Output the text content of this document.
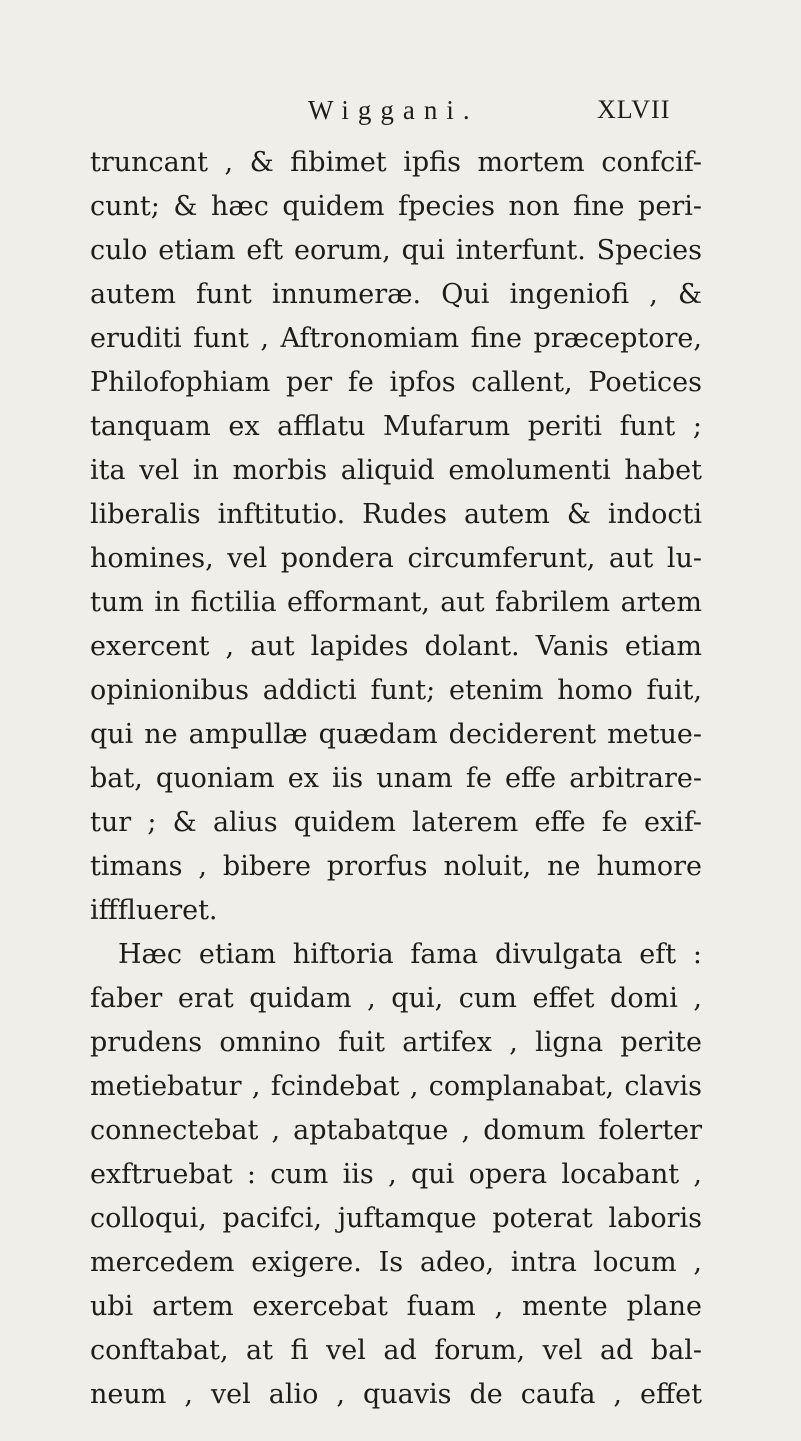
Wiggani.	XLVII
truncant , & fibimet ipfis mortem confcif-
cunt; & hæc quidem fpecies non fine peri-
culo etiam eft eorum, qui interfunt. Species
autem funt innumeræ. Qui ingeniofi , &
eruditi funt , Aftronomiam fine præceptore,
Philofophiam per fe ipfos callent, Poetices
tanquam ex afflatu Mufarum periti funt ;
ita vel in morbis aliquid emolumenti habet
liberalis inftitutio. Rudes autem & indocti
homines, vel pondera circumferunt, aut lu-
tum in fictilia efformant, aut fabrilem artem
exercent , aut lapides dolant. Vanis etiam
opinionibus addicti funt; etenim homo fuit,
qui ne ampullæ quædam deciderent metue-
bat, quoniam ex iis unam fe effe arbitrare-
tur ; & alius quidem laterem effe fe exif-
timans , bibere prorfus noluit, ne humore
iffflueret.
Hæc etiam hiftoria fama divulgata eft :
faber erat quidam , qui, cum effet domi ,
prudens omnino fuit artifex , ligna perite
metiebatur , fcindebat , complanabat, clavis
connectebat , aptabatque , domum folerter
exftruebat : cum iis , qui opera locabant ,
colloqui, pacifci, juftamque poterat laboris
mercedem exigere. Is adeo, intra locum ,
ubi artem exercebat fuam , mente plane
conftabat, at fi vel ad forum, vel ad bal-
neum , vel alio , quavis de caufa , effet
